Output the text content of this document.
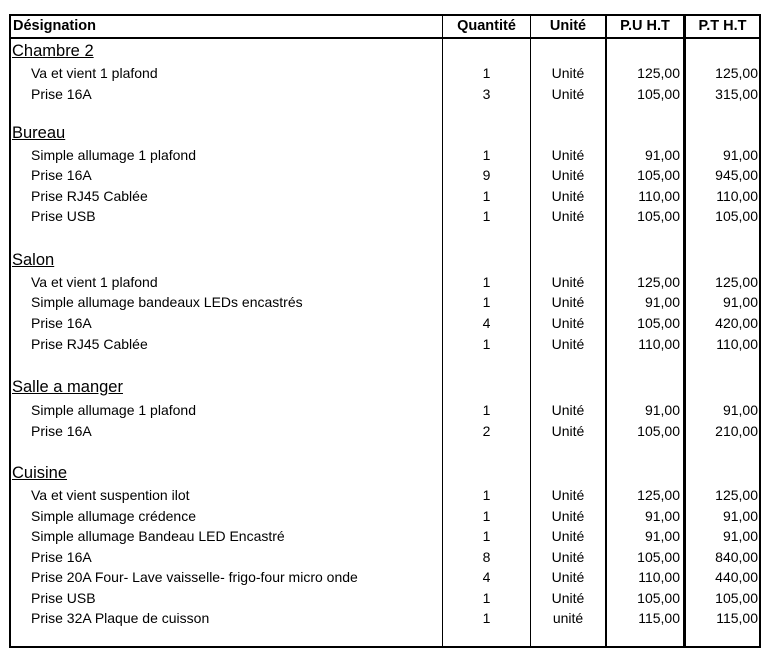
Désignation	Quantité	Unité	P.U H.T	P.T H.T
Chambre 2
Va et vient 1 plafond	1	Unité	125,00	125,00
Prise 16A	3	Unité	105,00	315,00
Bureau
Simple allumage 1 plafond	1	Unité	91,00	91,00
Prise 16A	9	Unité	105,00	945,00
Prise RJ45 Cablée	1	Unité	110,00	110,00
Prise USB	1	Unité	105,00	105,00
Salon
Va et vient 1 plafond	1	Unité	125,00	125,00
Simple allumage bandeaux LEDs encastrés	1	Unité	91,00	91,00
Prise 16A	4	Unité	105,00	420,00
Prise RJ45 Cablée	1	Unité	110,00	110,00
Salle a manger
Simple allumage 1 plafond	1	Unité	91,00	91,00
Prise 16A	2	Unité	105,00	210,00
Cuisine
Va et vient suspention ilot	1	Unité	125,00	125,00
Simple allumage crédence	1	Unité	91,00	91,00
Simple allumage Bandeau LED Encastré	1	Unité	91,00	91,00
Prise 16A	8	Unité	105,00	840,00
Prise 20A Four- Lave vaisselle- frigo-four micro onde	4	Unité	110,00	440,00
Prise USB	1	Unité	105,00	105,00
Prise 32A Plaque de cuisson	1	unité	115,00	115,00
